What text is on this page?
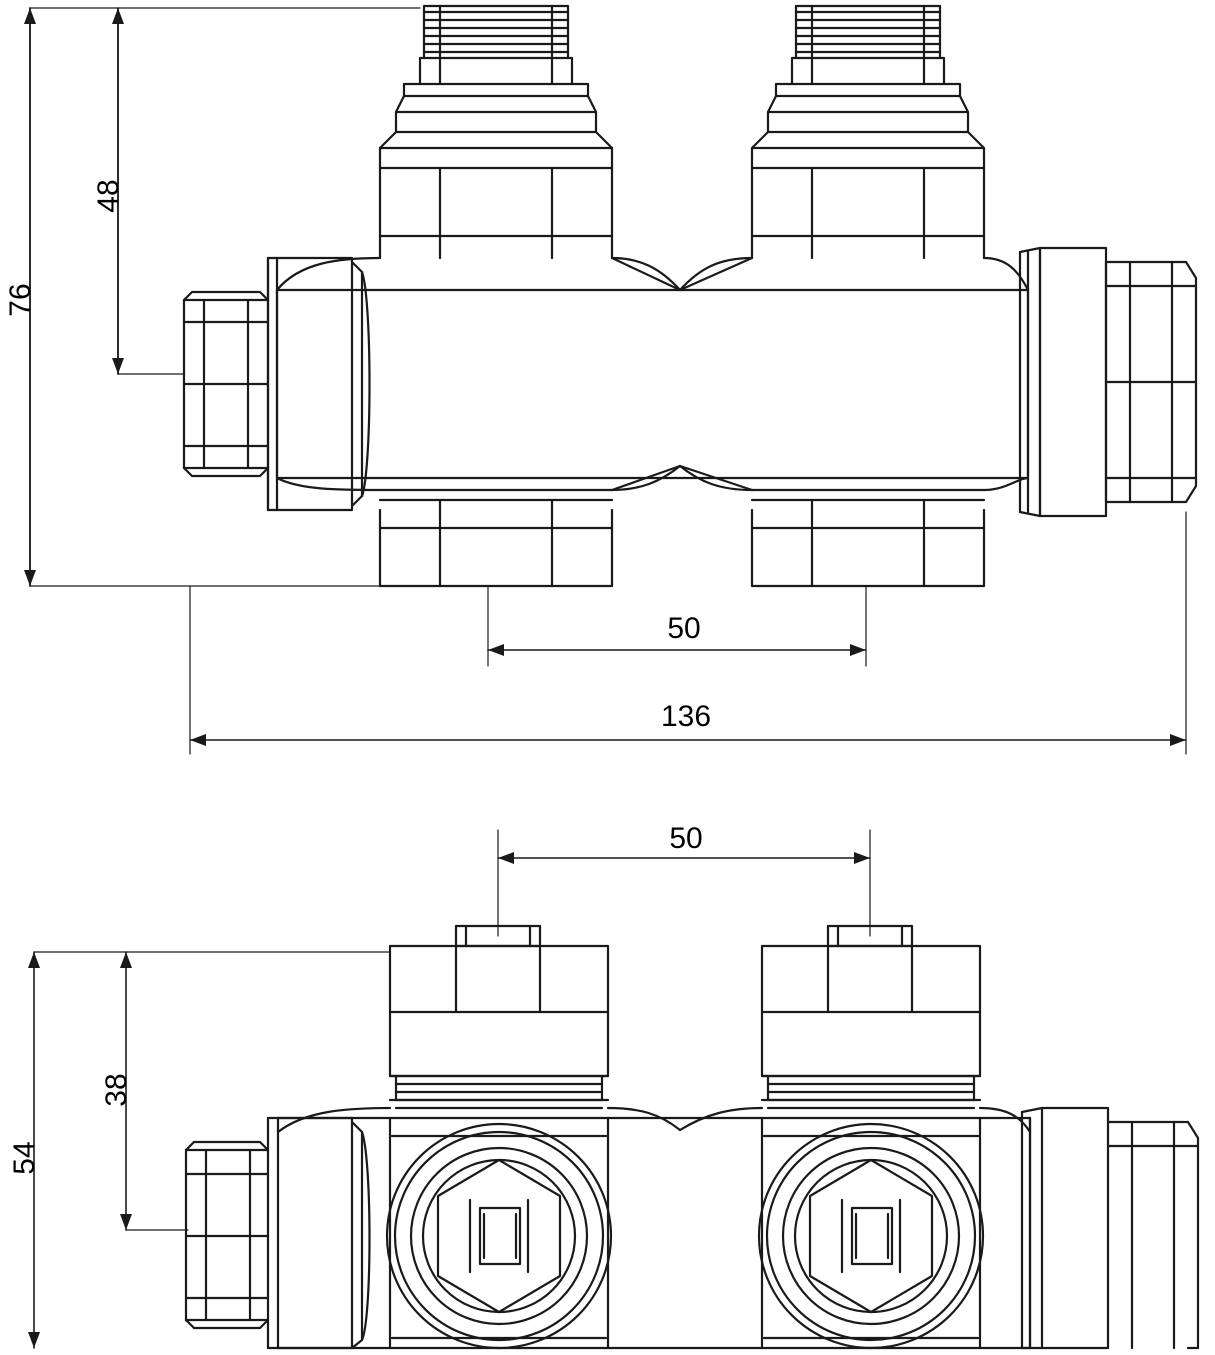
76
48
50
136
50
54
38
